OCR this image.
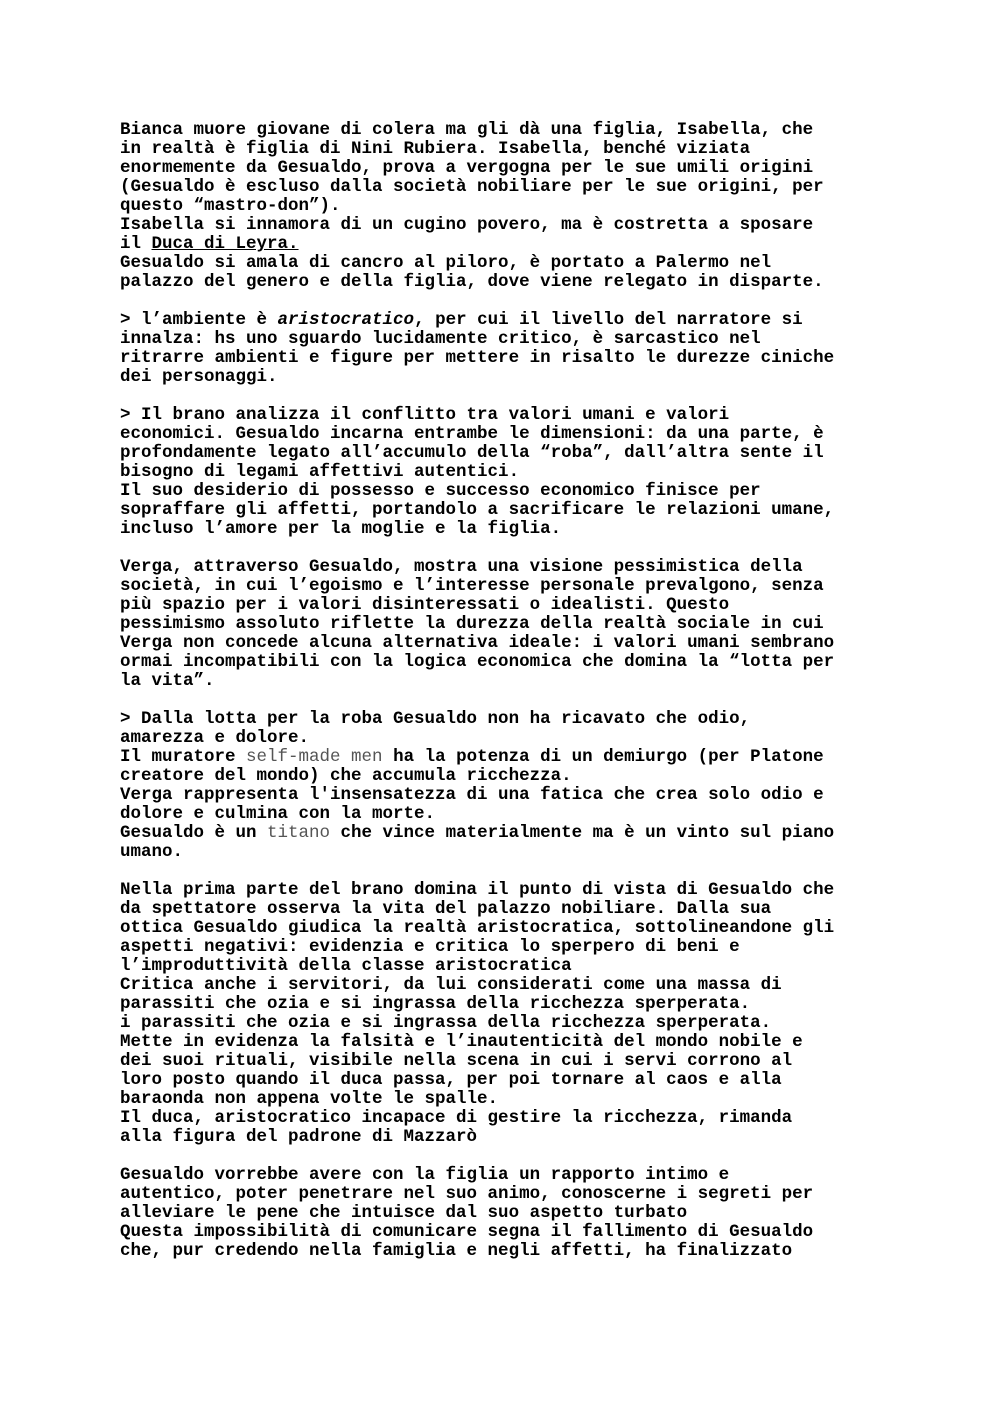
Bianca muore giovane di colera ma gli dà una figlia, Isabella, che
in realtà è figlia di Nini Rubiera. Isabella, benché viziata
enormemente da Gesualdo, prova a vergogna per le sue umili origini
(Gesualdo è escluso dalla società nobiliare per le sue origini, per
questo “mastro-don”).
Isabella si innamora di un cugino povero, ma è costretta a sposare
il Duca di Leyra.
Gesualdo si amala di cancro al piloro, è portato a Palermo nel
palazzo del genero e della figlia, dove viene relegato in disparte.
> l’ambiente è aristocratico, per cui il livello del narratore si
innalza: hs uno sguardo lucidamente critico, è sarcastico nel
ritrarre ambienti e figure per mettere in risalto le durezze ciniche
dei personaggi.
> Il brano analizza il conflitto tra valori umani e valori
economici. Gesualdo incarna entrambe le dimensioni: da una parte, è
profondamente legato all’accumulo della “roba”, dall’altra sente il
bisogno di legami affettivi autentici.
Il suo desiderio di possesso e successo economico finisce per
sopraffare gli affetti, portandolo a sacrificare le relazioni umane,
incluso l’amore per la moglie e la figlia.
Verga, attraverso Gesualdo, mostra una visione pessimistica della
società, in cui l’egoismo e l’interesse personale prevalgono, senza
più spazio per i valori disinteressati o idealisti. Questo
pessimismo assoluto riflette la durezza della realtà sociale in cui
Verga non concede alcuna alternativa ideale: i valori umani sembrano
ormai incompatibili con la logica economica che domina la “lotta per
la vita”.
> Dalla lotta per la roba Gesualdo non ha ricavato che odio,
amarezza e dolore.
Il muratore self-made men ha la potenza di un demiurgo (per Platone
creatore del mondo) che accumula ricchezza.
Verga rappresenta l'insensatezza di una fatica che crea solo odio e
dolore e culmina con la morte.
Gesualdo è un titano che vince materialmente ma è un vinto sul piano
umano.
Nella prima parte del brano domina il punto di vista di Gesualdo che
da spettatore osserva la vita del palazzo nobiliare. Dalla sua
ottica Gesualdo giudica la realtà aristocratica, sottolineandone gli
aspetti negativi: evidenzia e critica lo sperpero di beni e
l’improduttività della classe aristocratica
Critica anche i servitori, da lui considerati come una massa di
parassiti che ozia e si ingrassa della ricchezza sperperata.
i parassiti che ozia e si ingrassa della ricchezza sperperata.
Mette in evidenza la falsità e l’inautenticità del mondo nobile e
dei suoi rituali, visibile nella scena in cui i servi corrono al
loro posto quando il duca passa, per poi tornare al caos e alla
baraonda non appena volte le spalle.
Il duca, aristocratico incapace di gestire la ricchezza, rimanda
alla figura del padrone di Mazzarò
Gesualdo vorrebbe avere con la figlia un rapporto intimo e
autentico, poter penetrare nel suo animo, conoscerne i segreti per
alleviare le pene che intuisce dal suo aspetto turbato
Questa impossibilità di comunicare segna il fallimento di Gesualdo
che, pur credendo nella famiglia e negli affetti, ha finalizzato
